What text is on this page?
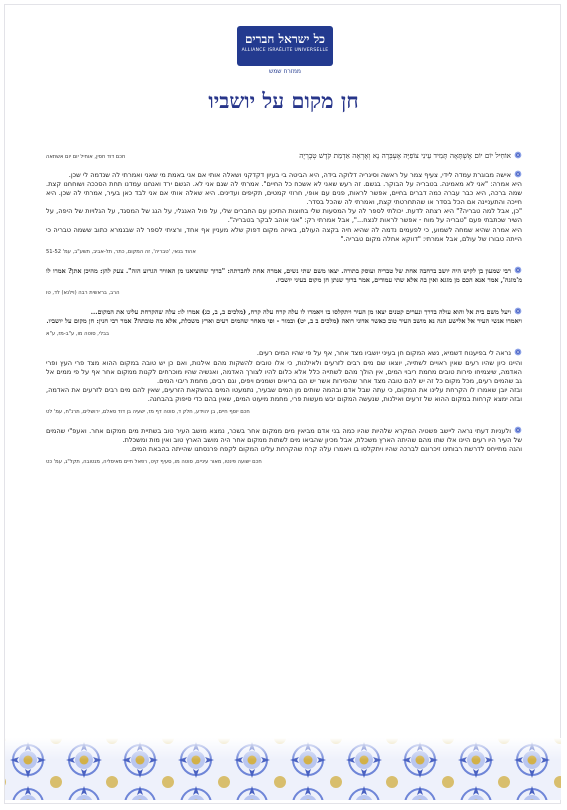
כל ישראל חברים
ALLIANCE ISRAÉLITE UNIVERSELLE
ממזרח שמש
חן מקום על יושביו
אוֹחִיל יוֹם יוֹם אֶשְׁתָּאָה תָּמִיד עֵינִי צוֹפִיָּה אֶעְבְּרָה נָא וְאֶרְאֶה אַדְמַת קֹדֶשׁ טְבֶרְיָה
חכם דוד חסין, אוחיל יום יום אשתאה

אישה מבוגרת עמדה לידי, צעיף צמר על ראשה וסיגריה דלוקה בידה, היא הביטה בי בעיון דקדקני ושאלה אותי אם אני באמת מי שאני ואמרתי לה שנדמה לי שכן.

היא אמרה: "אני לא מאמינה. בטבריה על הבוקר. בגשם. זה רעש שאני לא אשכח כל החיים". אמרתי לה שגם אני לא. הגשם ירד ואנחנו עמדנו תחת הסככה ושוחחנו קצת. שמה ברכה, היא כבר עברה כמה דברים בחיים, אפשר לראות, פנים עם אופי, חרוזי קמטים, תקיפים ועדינים. היא שאלה אותי אם אני לבד כאן בעיר, אמרתי לה שכן. היא חייכה והתעניינה אם הכל בסדר או שהתחרטתי קצת, ואמרתי לה שהכל בסדר.

"כן, אבל למה טבריה?" היא רצתה לדעת. יכולתי לספר לה על המסעות שלי בחוצות התיכון עם החברים שלי, על פול האנגלי, על הגג של המסגד, על הגלויות של היפה, על השיר שכתבתי פעם "טבריה על מוח - אפשר לראות לנצח...", אבל אמרתי רק: "אני אוהב לבקר בטבריה".

היא אמרה שהיא שמחה לשמוע, כי לפעמים נדמה לה שהיא חיה בקצה העולם, באיזה מקום דפוק שלא מעניין אף אחד, ורציתי לספר לה שבגמרא כתוב ששמה טבריה כי הייתה טבורו של עולם, אבל אמרתי: "דווקא אחלה מקום טבריה."

אהוד בנאי, 'טבריה', זה המקום, כתר, תל-אביב, תשע"ב, עמ' 51-52

רבי שמעון בן לקיש היה יושב ברחבה אחת של טבריה ועוסק בתורה. יצאו משם שתי נשים, אמרה אחת לחברתה: "ברוך שהוציאנו מן האוויר הגרוע הזה". צעק להן: מהיכן אתן? אמרו לו מ'מזגה', אמר אנא הכם מן מזגא ואין בה אלא שתי עמודים, אמר ברוך שנתן חן מקום בעיני יושביו.

הרב, בראשית רבה (וילנא) לד, טו

ויעל משם בית אל והוא עולה בדרך ונערים קטנים יצאו מן העיר ויתקלסו בו ויאמרו לו עלה קרח עלה קרח, (מלכים ב, ב, כג) אמרו לו: עלה שהקרחת עלינו את המקום...

ויאמרו אנשי העיר אל אלישע הנה נא מושב העיר טוב כאשר אדוני רואה (מלכים ב ב, יט) ובמור - ופי מאחר שהמים רעים וארץ משכלת, אלא מה טובתה? אמר רבי חנין: חן מקום על יושביו.

בבלי, סוטה מו, ע"ב-מז, ע"א

נראה לי בפיענוח דשמיא, נשא המקום חן בעיני יושביו מצד אחר, אף על פי שהיו המים רעים.

והיינו כיון שהיו רעים שאין ראויים לשתייה, יוצאו שם מים רבים לזרעים ולאילנות, כי אלו טובים להשקות מהם אילנות, ואם כן יש טובה במקום ההוא מצד פרי העץ ופרי האדמה, שיצמיחו פירות טובים מחמת ריבוי המים, אין הולך מהם לשתייה כלל אלא כלום להיו לצורך האדמה, ואנשיה שהיו מוכרחים לקנות ממקום אחר אף על פי ממים אל גב שהמים רעים, מכל מקום כל זה יש להם טובה מצד אחר שהפירות אשר יש הם בריאים ושמנים ויפים, וגם רבים, מחמת ריבוי המים.

ובזה יובן שאמרו לו הקרחת עלינו את המקום, כי עתה שבל אדם ובהמה שותים מן המים שבעיר, נתמעטו המים בהשקאת הזרעים, שאין להם מים רבים לזרעים את האדמה, ובזה ימצא קרחות במקום ההוא של זרעים ואילנות, שנעשה המקום יבש מעשות פרי, מחמת מיעוט המים, שאין בהם כדי סיפוק בהבחנה.

חכם יוסף חיים, בן יהוידע, חלק ד, סוטה דף מז, ישעיה בן דוד סאלם, ירושלים, תרנ"ח, עמ' לט

ולעניות דעתי נראה ליישב פשטיה המקרא שלהיות שהיו כמה בני אדם מביאין מים ממקום אחר בשכר, נמצא מושב העיר טוב בשתיית מים ממקום אחר. ואעפ"י שהמים של העיר היו רעים היינו אלו שתו מהם שהיתה הארץ משכלת, אבל מכיון שהביאו מים לשתות ממקום אחר היה מושב הארץ טוב ואין מות ומשכלת.

והנה מתייחס לדרשת רבותינו זיכרונם לברכה שהיו ויתקלסו בו ויאמרו עלה קרח שהקרחת עלינו המקום לקפח פרנסתנו שהייתה בהבאת המים.

חכם ישועה פינטו, מאור עיניים, סוטה מו, סעיף קיט, רפאל חיים מאיסליה, מנטובה, תקל"ג, עמ' כט
